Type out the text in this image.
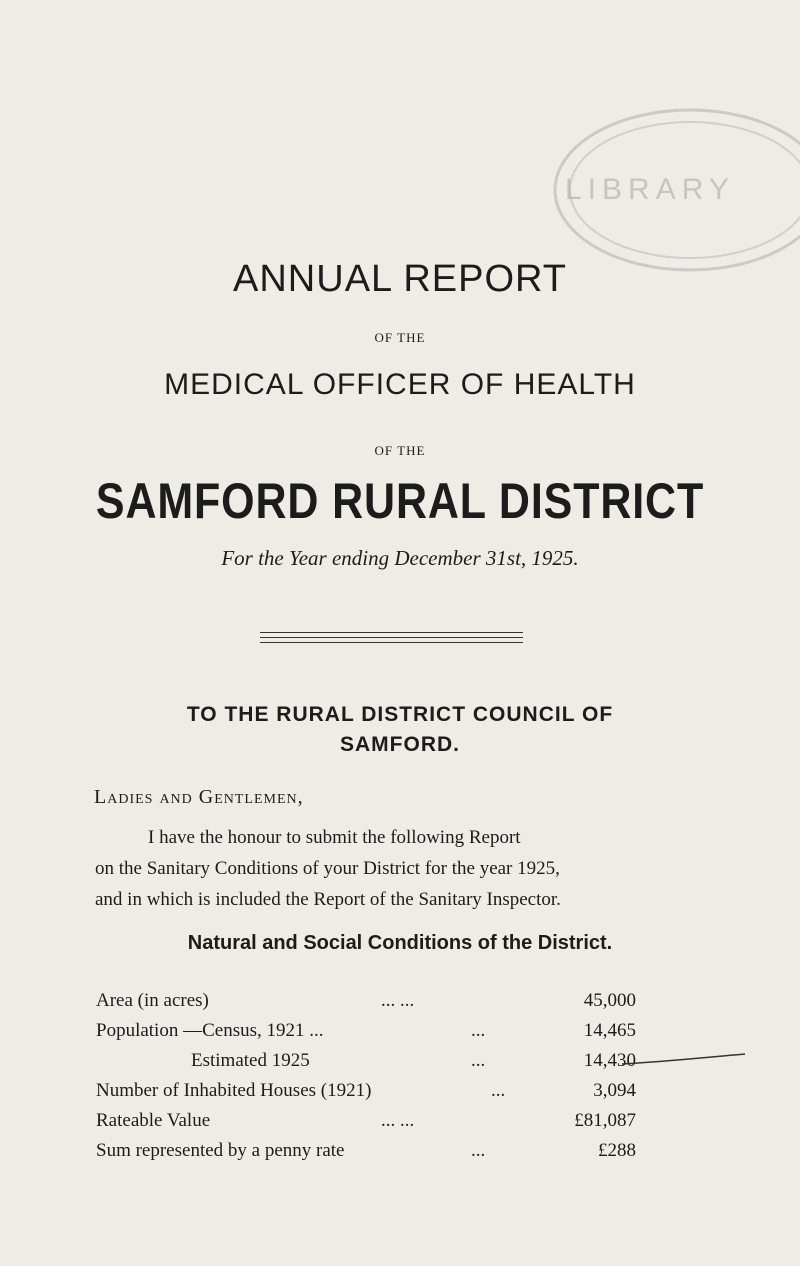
LIBRARY
ANNUAL REPORT
OF THE
MEDICAL OFFICER OF HEALTH
OF THE
SAMFORD RURAL DISTRICT
For the Year ending December 31st, 1925.
TO THE RURAL DISTRICT COUNCIL OF
SAMFORD.
Ladies and Gentlemen,
I have the honour to submit the following Report
on the Sanitary Conditions of your District for the year 1925,
and in which is included the Report of the Sanitary Inspector.
Natural and Social Conditions of the District.
Area (in acres)	... ...	45,000
Population —Census, 1921 ...	...	14,465
Estimated 1925	...	14,430
Number of Inhabited Houses (1921)	...	3,094
Rateable Value	... ...	£81,087
Sum represented by a penny rate	...	£288
